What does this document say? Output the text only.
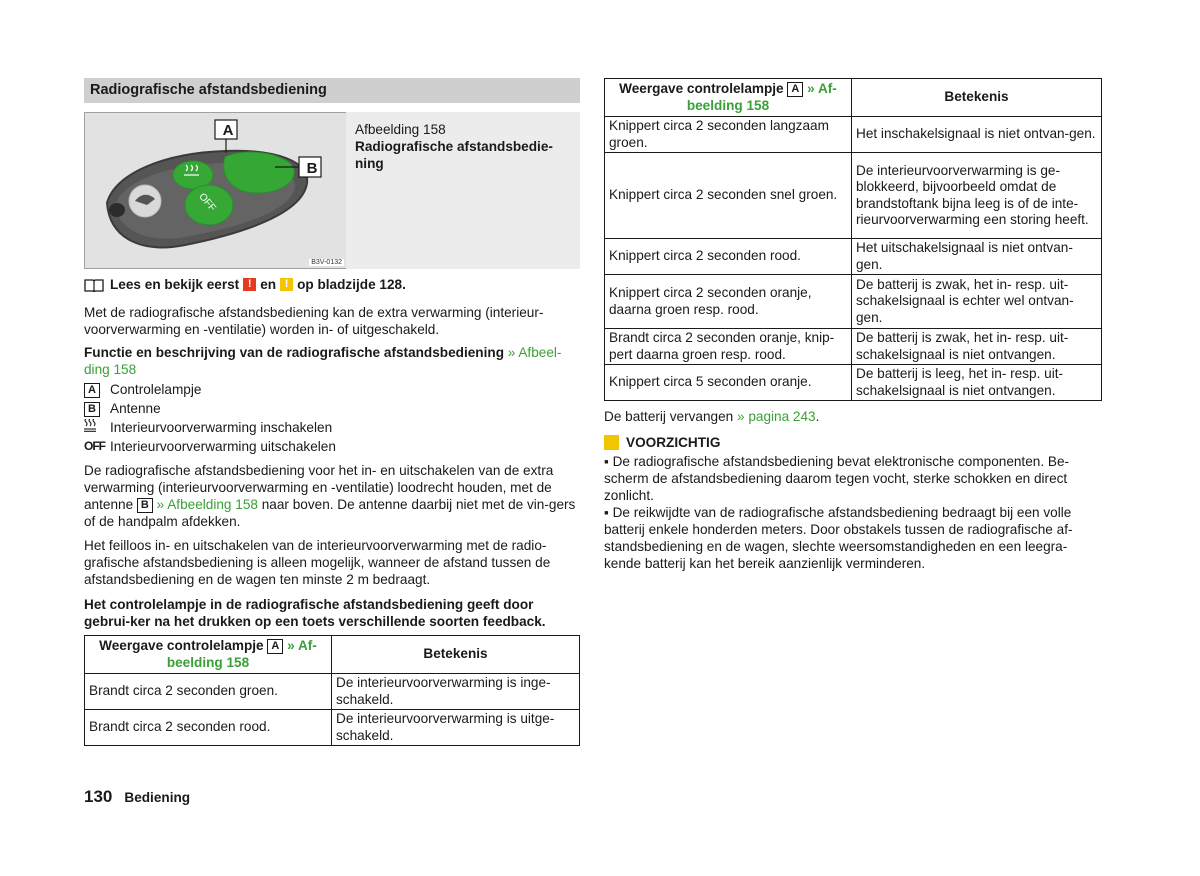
Radiografische afstandsbediening
A
B
OFF
B3V-0132
Afbeelding 158
Radiografische afstandsbedie-ning
Lees en bekijk eerst ! en ! op bladzijde 128.

Met de radiografische afstandsbediening kan de extra verwarming (interieur-voorverwarming en -ventilatie) worden in- of uitgeschakeld.

Functie en beschrijving van de radiografische afstandsbediening » Afbeel-ding 158

A	Controlelampje
B	Antenne
Interieurvoorverwarming inschakelen
OFF Interieurvoorverwarming uitschakelen

De radiografische afstandsbediening voor het in- en uitschakelen van de extra verwarming (interieurvoorverwarming en -ventilatie) loodrecht houden, met de antenne B » Afbeelding 158 naar boven. De antenne daarbij niet met de vin-gers of de handpalm afdekken.

Het feilloos in- en uitschakelen van de interieurvoorverwarming met de radio-grafische afstandsbediening is alleen mogelijk, wanneer de afstand tussen de afstandsbediening en de wagen ten minste 2 m bedraagt.

Het controlelampje in de radiografische afstandsbediening geeft door gebrui-ker na het drukken op een toets verschillende soorten feedback.

Weergave controlelampje A » Af-beelding 158	Betekenis
Brandt circa 2 seconden groen.	De interieurvoorverwarming is inge-schakeld.
Brandt circa 2 seconden rood.	De interieurvoorverwarming is uitge-schakeld.
Weergave controlelampje A » Af-beelding 158	Betekenis
Knippert circa 2 seconden langzaam groen.	Het inschakelsignaal is niet ontvan-gen.
Knippert circa 2 seconden snel groen.	De interieurvoorverwarming is ge-blokkeerd, bijvoorbeeld omdat de brandstoftank bijna leeg is of de inte-rieurvoorverwarming een storing heeft.
Knippert circa 2 seconden rood.	Het uitschakelsignaal is niet ontvan-gen.
Knippert circa 2 seconden oranje, daarna groen resp. rood.	De batterij is zwak, het in- resp. uit-schakelsignaal is echter wel ontvan-gen.
Brandt circa 2 seconden oranje, knip-pert daarna groen resp. rood.	De batterij is zwak, het in- resp. uit-schakelsignaal is niet ontvangen.
Knippert circa 5 seconden oranje.	De batterij is leeg, het in- resp. uit-schakelsignaal is niet ontvangen.

De batterij vervangen » pagina 243.

VOORZICHTIG

▪ De radiografische afstandsbediening bevat elektronische componenten. Be-scherm de afstandsbediening daarom tegen vocht, sterke schokken en direct zonlicht.

▪ De reikwijdte van de radiografische afstandsbediening bedraagt bij een volle batterij enkele honderden meters. Door obstakels tussen de radiografische af-standsbediening en de wagen, slechte weersomstandigheden en een leegra-kende batterij kan het bereik aanzienlijk verminderen.

130 Bediening
